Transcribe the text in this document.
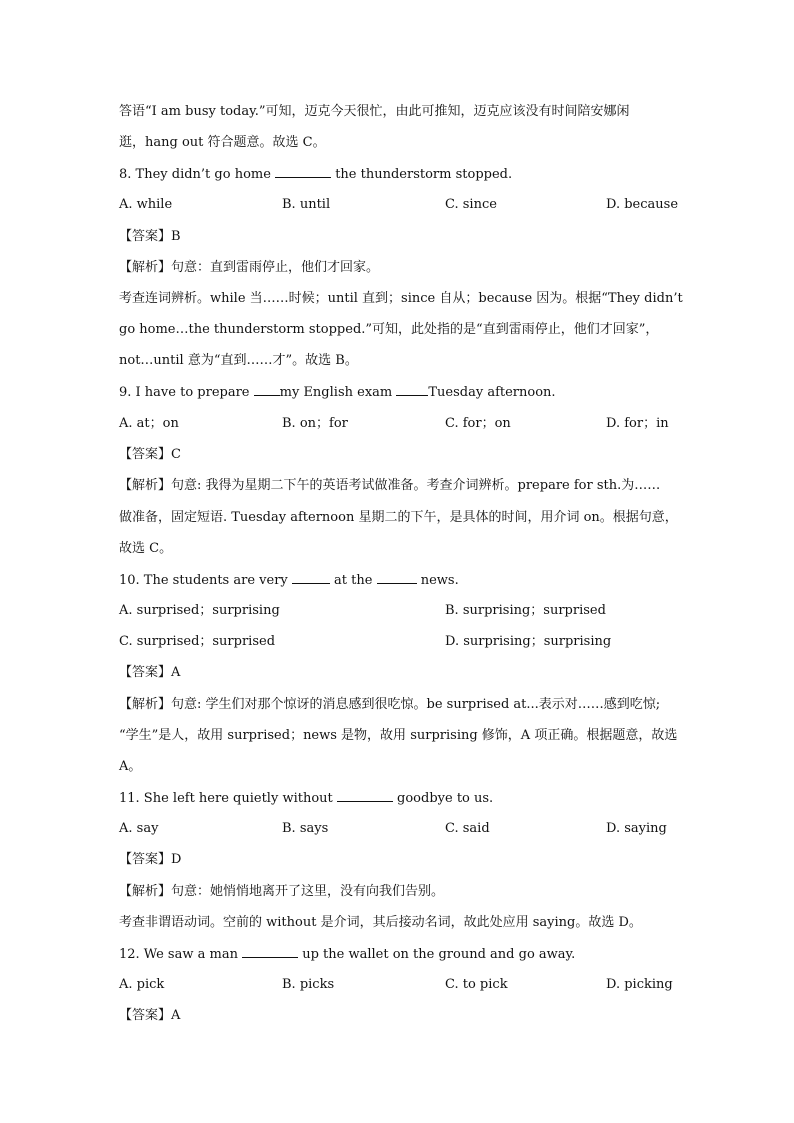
答语“I am busy today.”可知，迈克今天很忙，由此可推知，迈克应该没有时间陪安娜闲
逛，hang out 符合题意。故选 C。
8. They didn’t go home	the thunderstorm stopped.
A. while	B. until	C. since	D. because
【答案】B
【解析】句意：直到雷雨停止，他们才回家。
考查连词辨析。while 当……时候；until 直到；since 自从；because 因为。根据“They didn’t
go home…the thunderstorm stopped.”可知，此处指的是“直到雷雨停止，他们才回家”，
not…until 意为“直到……才”。故选 B。
9. I have to prepare my English exam	Tuesday afternoon.
A. at；on	B. on；for	C. for；on	D. for；in
【答案】C
【解析】句意: 我得为星期二下午的英语考试做准备。考查介词辨析。prepare for sth.为……
做准备，固定短语. Tuesday afternoon 星期二的下午，是具体的时间，用介词 on。根据句意，
故选 C。
10. The students are very	at the	news.
A. surprised；surprising	B. surprising；surprised
C. surprised；surprised	D. surprising；surprising
【答案】A
【解析】句意: 学生们对那个惊讶的消息感到很吃惊。be surprised at...表示对……感到吃惊;
“学生”是人，故用 surprised；news 是物，故用 surprising 修饰，A 项正确。根据题意，故选
A。
11. She left here quietly without	goodbye to us.
A. say	B. says	C. said	D. saying
【答案】D
【解析】句意：她悄悄地离开了这里，没有向我们告别。
考查非谓语动词。空前的 without 是介词，其后接动名词，故此处应用 saying。故选 D。
12. We saw a man	up the wallet on the ground and go away.
A. pick	B. picks	C. to pick	D. picking
【答案】A
